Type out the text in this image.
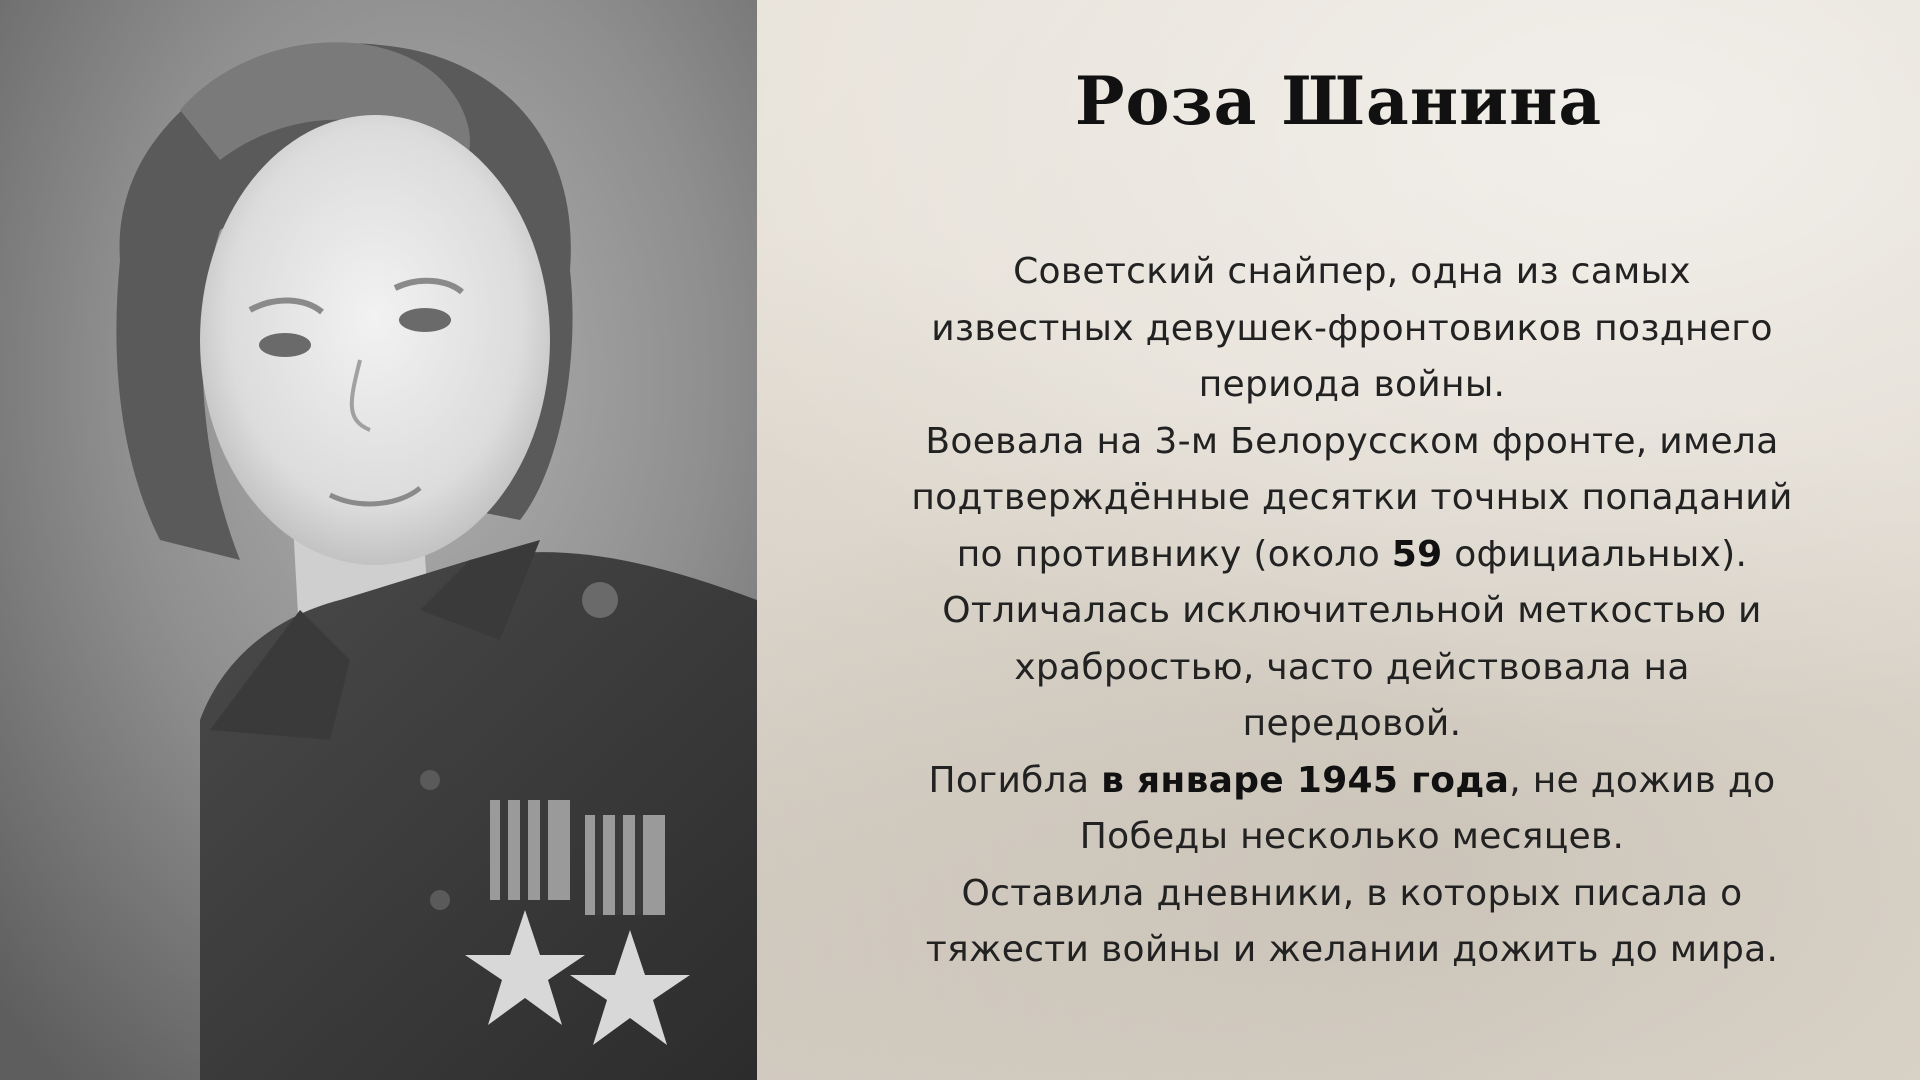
Роза Шанина

Советский снайпер, одна из самых известных девушек-фронтовиков позднего периода войны.

Воевала на 3-м Белорусском фронте, имела подтверждённые десятки точных попаданий по противнику (около 59 официальных). Отличалась исключительной меткостью и храбростью, часто действовала на передовой.

Погибла в январе 1945 года, не дожив до Победы несколько месяцев.

Оставила дневники, в которых писала о тяжести войны и желании дожить до мира.
